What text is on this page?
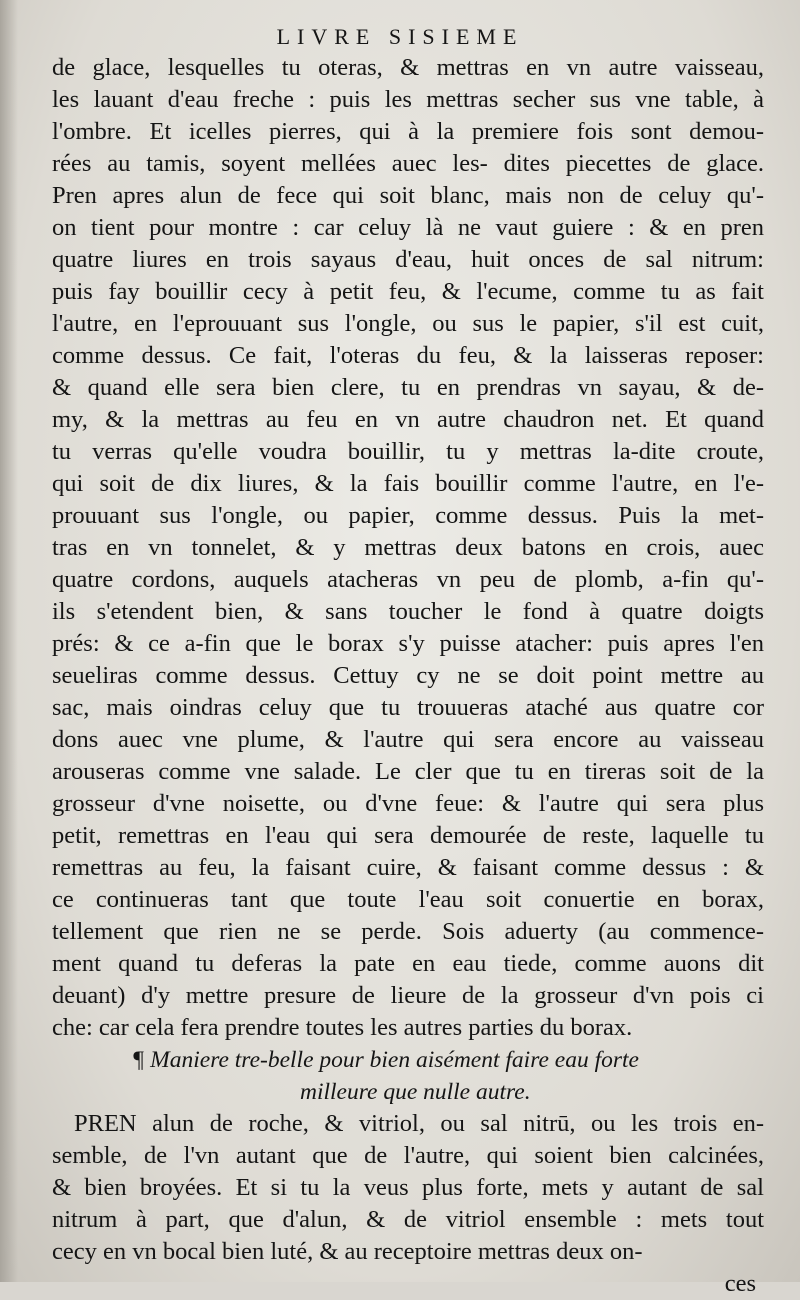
LIVRE SISIEME
de glace, lesquelles tu oteras, & mettras en vn autre vaisseau,
les lauant d'eau freche : puis les mettras secher sus vne table, à
l'ombre. Et icelles pierres, qui à la premiere fois sont demou-
rées au tamis, soyent mellées auec les- dites piecettes de glace.
Pren apres alun de fece qui soit blanc, mais non de celuy qu'-
on tient pour montre : car celuy là ne vaut guiere : & en pren
quatre liures en trois sayaus d'eau, huit onces de sal nitrum:
puis fay bouillir cecy à petit feu, & l'ecume, comme tu as fait
l'autre, en l'eprouuant sus l'ongle, ou sus le papier, s'il est cuit,
comme dessus. Ce fait, l'oteras du feu, & la laisseras reposer:
& quand elle sera bien clere, tu en prendras vn sayau, & de-
my, & la mettras au feu en vn autre chaudron net. Et quand
tu verras qu'elle voudra bouillir, tu y mettras la-dite croute,
qui soit de dix liures, & la fais bouillir comme l'autre, en l'e-
prouuant sus l'ongle, ou papier, comme dessus. Puis la met-
tras en vn tonnelet, & y mettras deux batons en crois, auec
quatre cordons, auquels atacheras vn peu de plomb, a-fin qu'-
ils s'etendent bien, & sans toucher le fond à quatre doigts
prés: & ce a-fin que le borax s'y puisse atacher: puis apres l'en
seueliras comme dessus. Cettuy cy ne se doit point mettre au
sac, mais oindras celuy que tu trouueras ataché aus quatre cor
dons auec vne plume, & l'autre qui sera encore au vaisseau
arouseras comme vne salade. Le cler que tu en tireras soit de la
grosseur d'vne noisette, ou d'vne feue: & l'autre qui sera plus
petit, remettras en l'eau qui sera demourée de reste, laquelle tu
remettras au feu, la faisant cuire, & faisant comme dessus : &
ce continueras tant que toute l'eau soit conuertie en borax,
tellement que rien ne se perde. Sois aduerty (au commence-
ment quand tu deferas la pate en eau tiede, comme auons dit
deuant) d'y mettre presure de lieure de la grosseur d'vn pois ci
che: car cela fera prendre toutes les autres parties du borax.
¶ Maniere tre-belle pour bien aisément faire eau forte
milleure que nulle autre.
PREN alun de roche, & vitriol, ou sal nitrū, ou les trois en-
semble, de l'vn autant que de l'autre, qui soient bien calcinées,
& bien broyées. Et si tu la veus plus forte, mets y autant de sal
nitrum à part, que d'alun, & de vitriol ensemble : mets tout
cecy en vn bocal bien luté, & au receptoire mettras deux on-
ces
